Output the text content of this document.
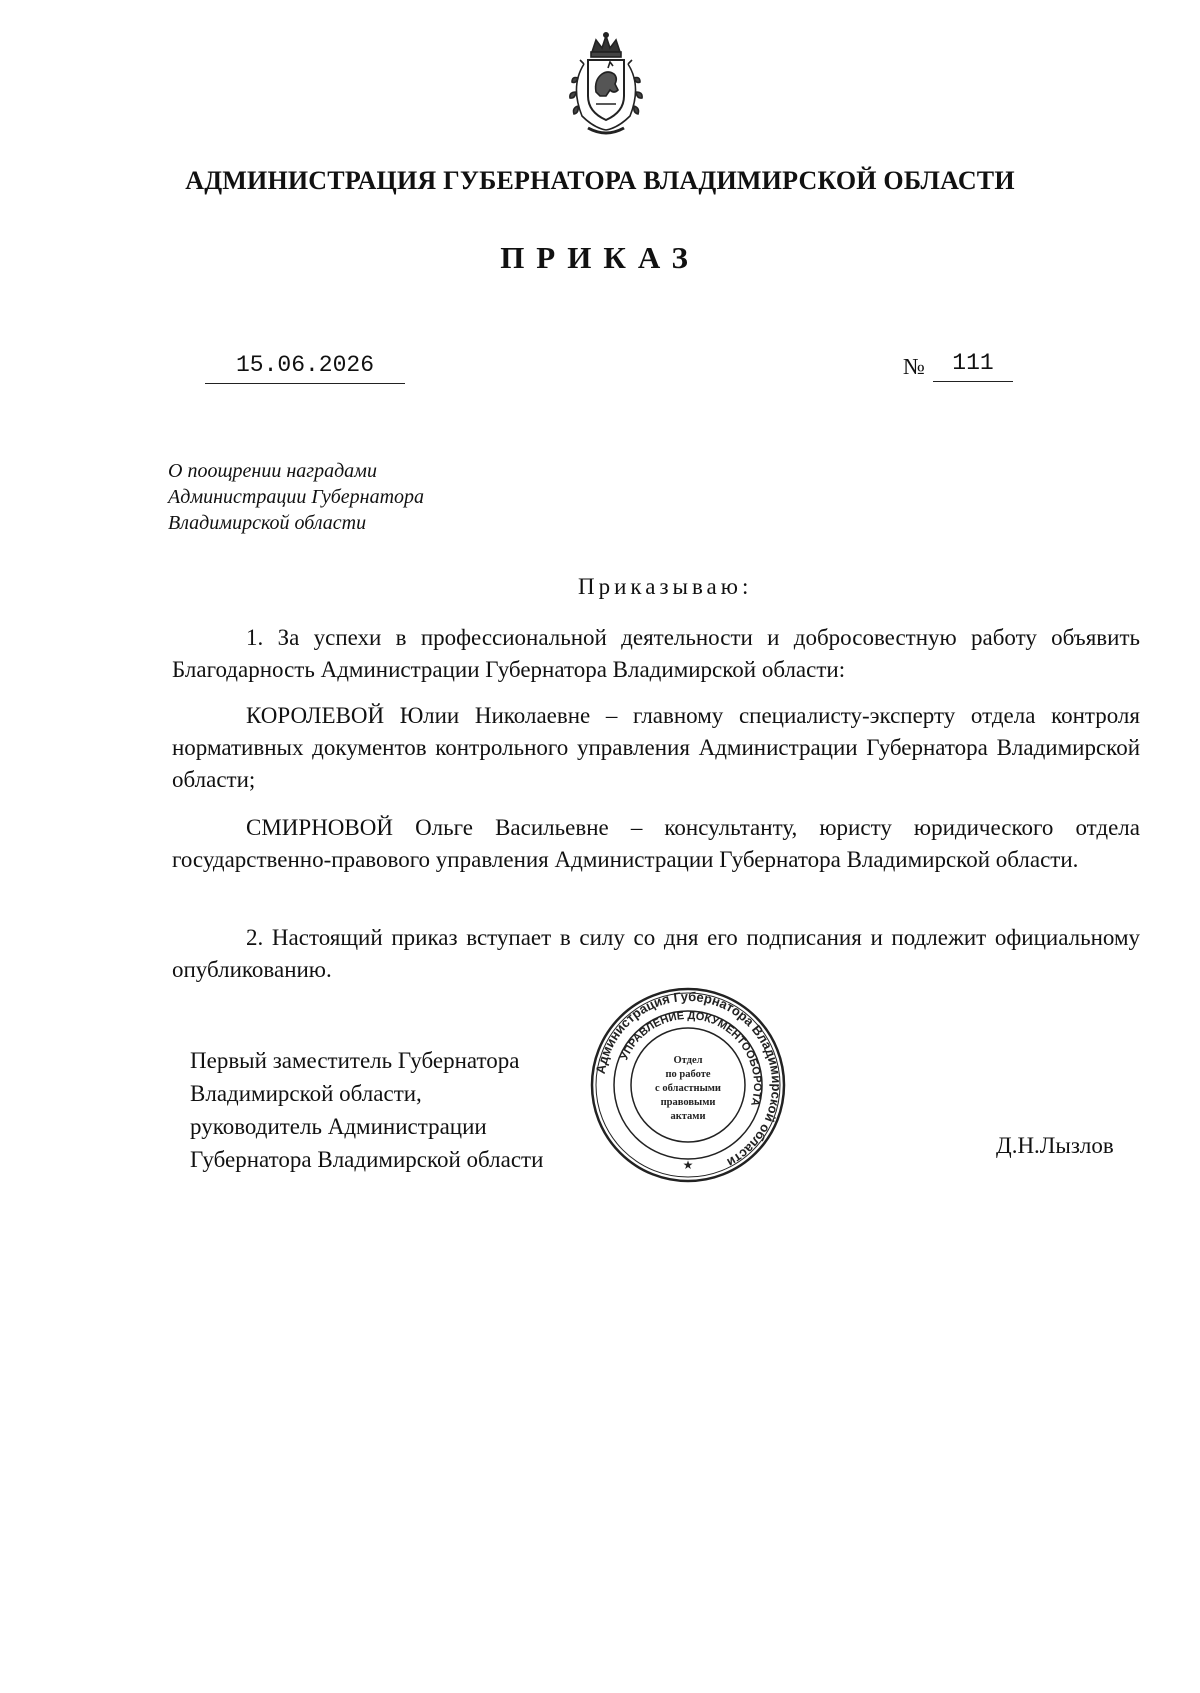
АДМИНИСТРАЦИЯ ГУБЕРНАТОРА ВЛАДИМИРСКОЙ ОБЛАСТИ
ПРИКАЗ
15.06.2026	№	111
О поощрении наградами
Администрации Губернатора
Владимирской области
Приказываю:
1. За успехи в профессиональной деятельности и добросовестную работу объявить Благодарность Администрации Губернатора Владимирской области:
КОРОЛЕВОЙ Юлии Николаевне – главному специалисту-эксперту отдела контроля нормативных документов контрольного управления Администрации Губернатора Владимирской области;
СМИРНОВОЙ Ольге Васильевне – консультанту, юристу юридического отдела государственно-правового управления Администрации Губернатора Владимирской области.
2. Настоящий приказ вступает в силу со дня его подписания и подлежит официальному опубликованию.
Первый заместитель Губернатора
Владимирской области,
руководитель Администрации
Губернатора Владимирской области
Д.Н.Лызлов
Администрация Губернатора Владимирской области
УПРАВЛЕНИЕ ДОКУМЕНТООБОРОТА
Отдел
по работе
с областными
правовыми
актами
★
